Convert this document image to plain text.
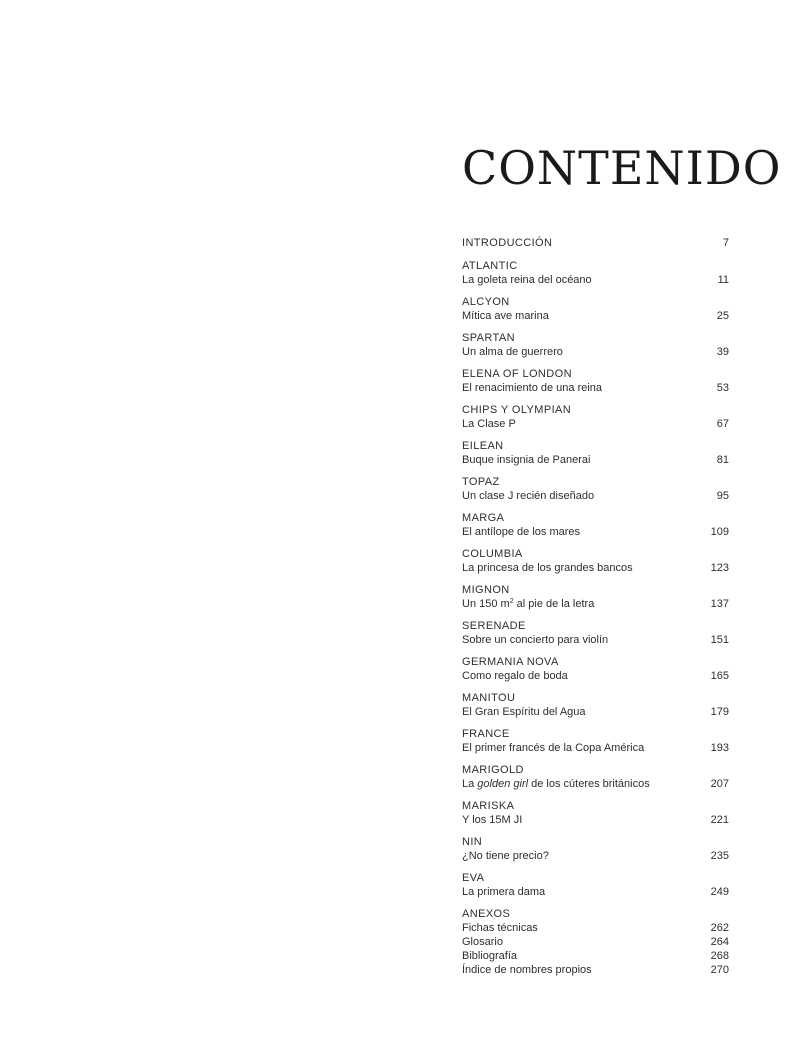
CONTENIDO
INTRODUCCIÓN	7
ATLANTIC
La goleta reina del océano	11
ALCYON
Mítica ave marina	25
SPARTAN
Un alma de guerrero	39
ELENA OF LONDON
El renacimiento de una reina	53
CHIPS Y OLYMPIAN
La Clase P	67
EILEAN
Buque insignia de Panerai	81
TOPAZ
Un clase J recién diseñado	95
MARGA
El antílope de los mares	109
COLUMBIA
La princesa de los grandes bancos	123
MIGNON
Un 150 $m^2$ al pie de la letra	137
SERENADE
Sobre un concierto para violín	151
GERMANIA NOVA
Como regalo de boda	165
MANITOU
El Gran Espíritu del Agua	179
FRANCE
El primer francés de la Copa América	193
MARIGOLD
La golden girl de los cúteres británicos	207
MARISKA
Y los 15M JI	221
NIN
¿No tiene precio?	235
EVA
La primera dama	249
ANEXOS
Fichas técnicas	262
Glosario	264
Bibliografía	268
Índice de nombres propios	270
